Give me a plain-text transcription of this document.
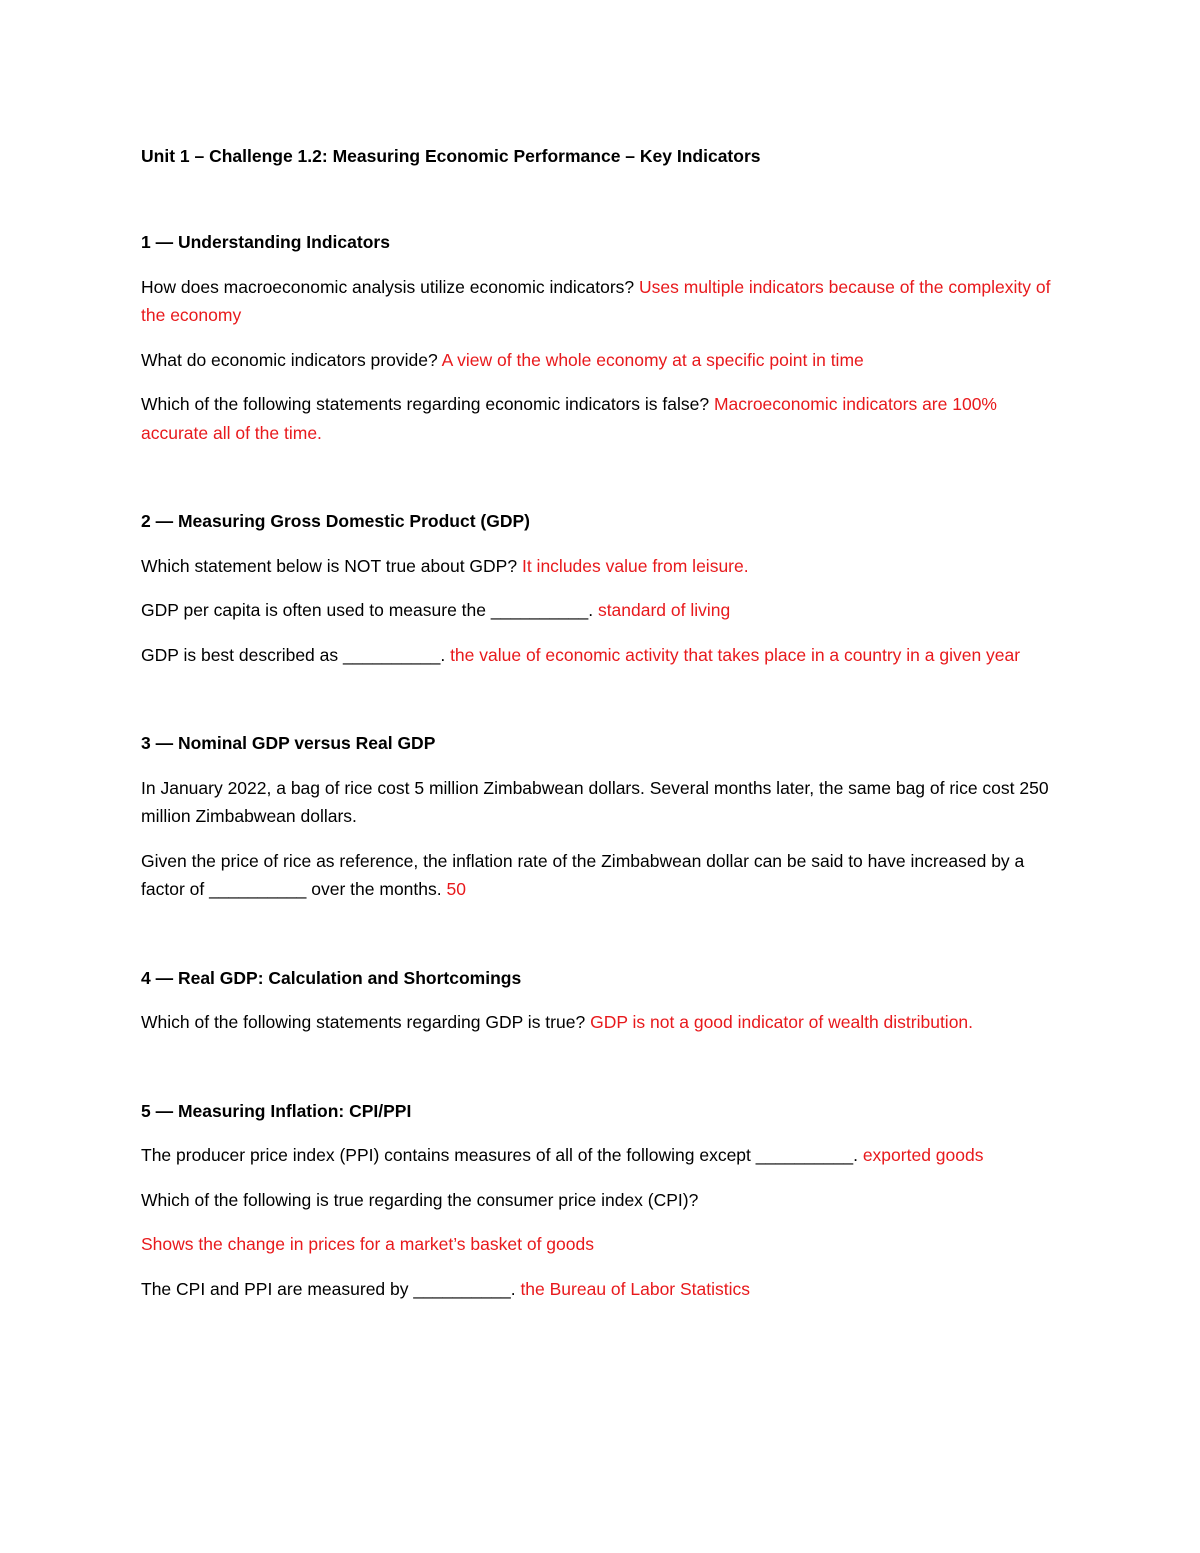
Unit 1 – Challenge 1.2: Measuring Economic Performance – Key Indicators

1 — Understanding Indicators

How does macroeconomic analysis utilize economic indicators? Uses multiple indicators because of the complexity of the economy

What do economic indicators provide? A view of the whole economy at a specific point in time

Which of the following statements regarding economic indicators is false? Macroeconomic indicators are 100% accurate all of the time.

2 — Measuring Gross Domestic Product (GDP)

Which statement below is NOT true about GDP? It includes value from leisure.

GDP per capita is often used to measure the __________. standard of living

GDP is best described as __________. the value of economic activity that takes place in a country in a given year

3 — Nominal GDP versus Real GDP

In January 2022, a bag of rice cost 5 million Zimbabwean dollars. Several months later, the same bag of rice cost 250 million Zimbabwean dollars.

Given the price of rice as reference, the inflation rate of the Zimbabwean dollar can be said to have increased by a factor of __________ over the months. 50

4 — Real GDP: Calculation and Shortcomings

Which of the following statements regarding GDP is true? GDP is not a good indicator of wealth distribution.

5 — Measuring Inflation: CPI/PPI

The producer price index (PPI) contains measures of all of the following except __________. exported goods

Which of the following is true regarding the consumer price index (CPI)?

Shows the change in prices for a market’s basket of goods

The CPI and PPI are measured by __________. the Bureau of Labor Statistics
